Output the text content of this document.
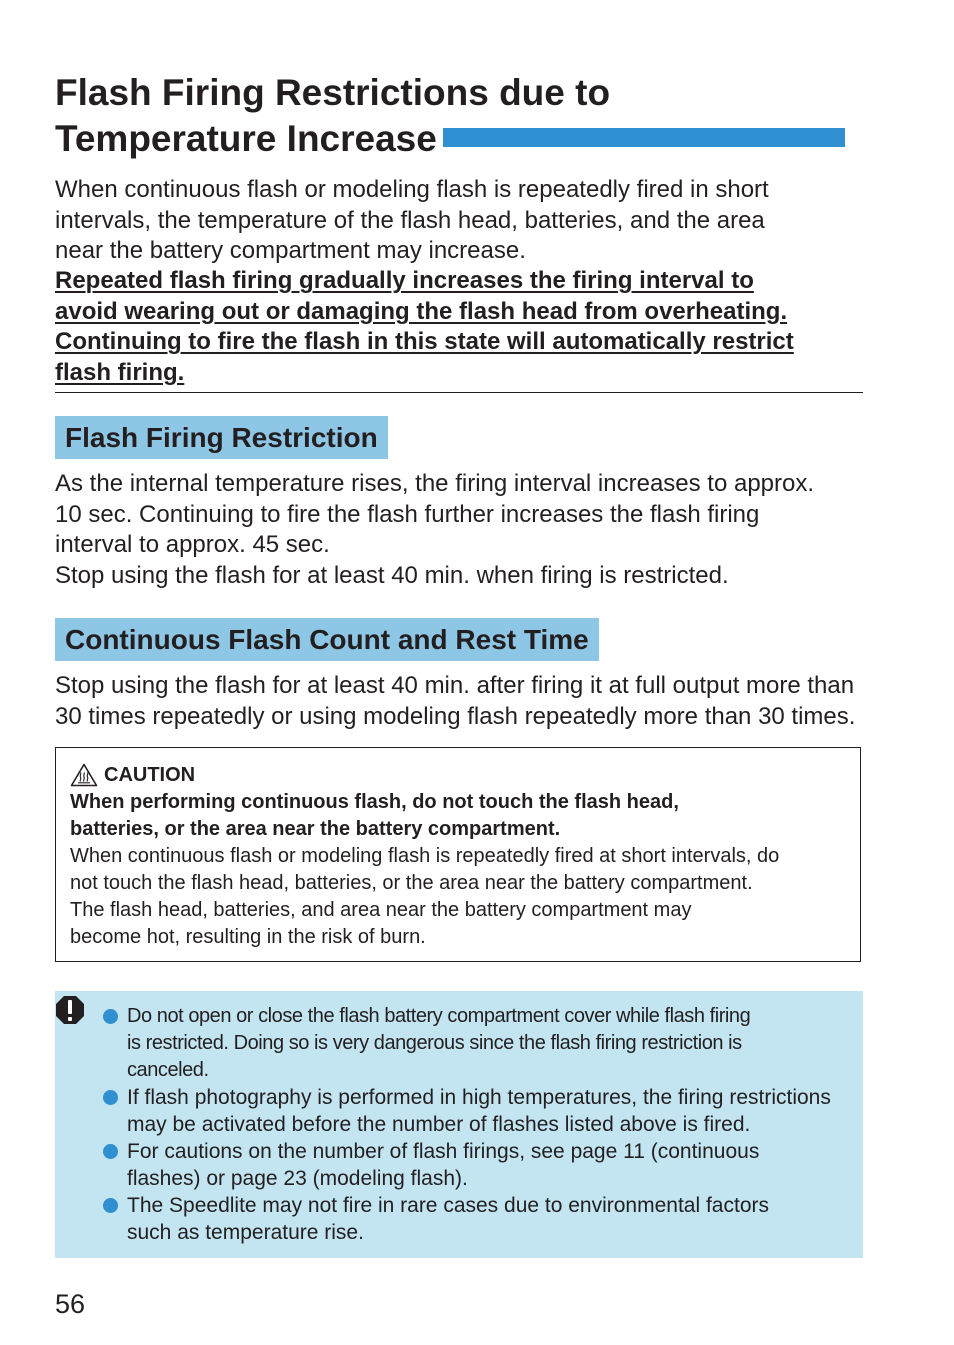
Flash Firing Restrictions due to
Temperature Increase
When continuous flash or modeling flash is repeatedly fired in short
intervals, the temperature of the flash head, batteries, and the area
near the battery compartment may increase.
Repeated flash firing gradually increases the firing interval to
avoid wearing out or damaging the flash head from overheating.
Continuing to fire the flash in this state will automatically restrict
flash firing.
Flash Firing Restriction
As the internal temperature rises, the firing interval increases to approx.
10 sec. Continuing to fire the flash further increases the flash firing
interval to approx. 45 sec.
Stop using the flash for at least 40 min. when firing is restricted.
Continuous Flash Count and Rest Time
Stop using the flash for at least 40 min. after firing it at full output more than
30 times repeatedly or using modeling flash repeatedly more than 30 times.
CAUTION
When performing continuous flash, do not touch the flash head,
batteries, or the area near the battery compartment.
When continuous flash or modeling flash is repeatedly fired at short intervals, do
not touch the flash head, batteries, or the area near the battery compartment.
The flash head, batteries, and area near the battery compartment may
become hot, resulting in the risk of burn.
Do not open or close the flash battery compartment cover while flash firing
is restricted. Doing so is very dangerous since the flash firing restriction is
canceled.
If flash photography is performed in high temperatures, the firing restrictions
may be activated before the number of flashes listed above is fired.
For cautions on the number of flash firings, see page 11 (continuous
flashes) or page 23 (modeling flash).
The Speedlite may not fire in rare cases due to environmental factors
such as temperature rise.
56
